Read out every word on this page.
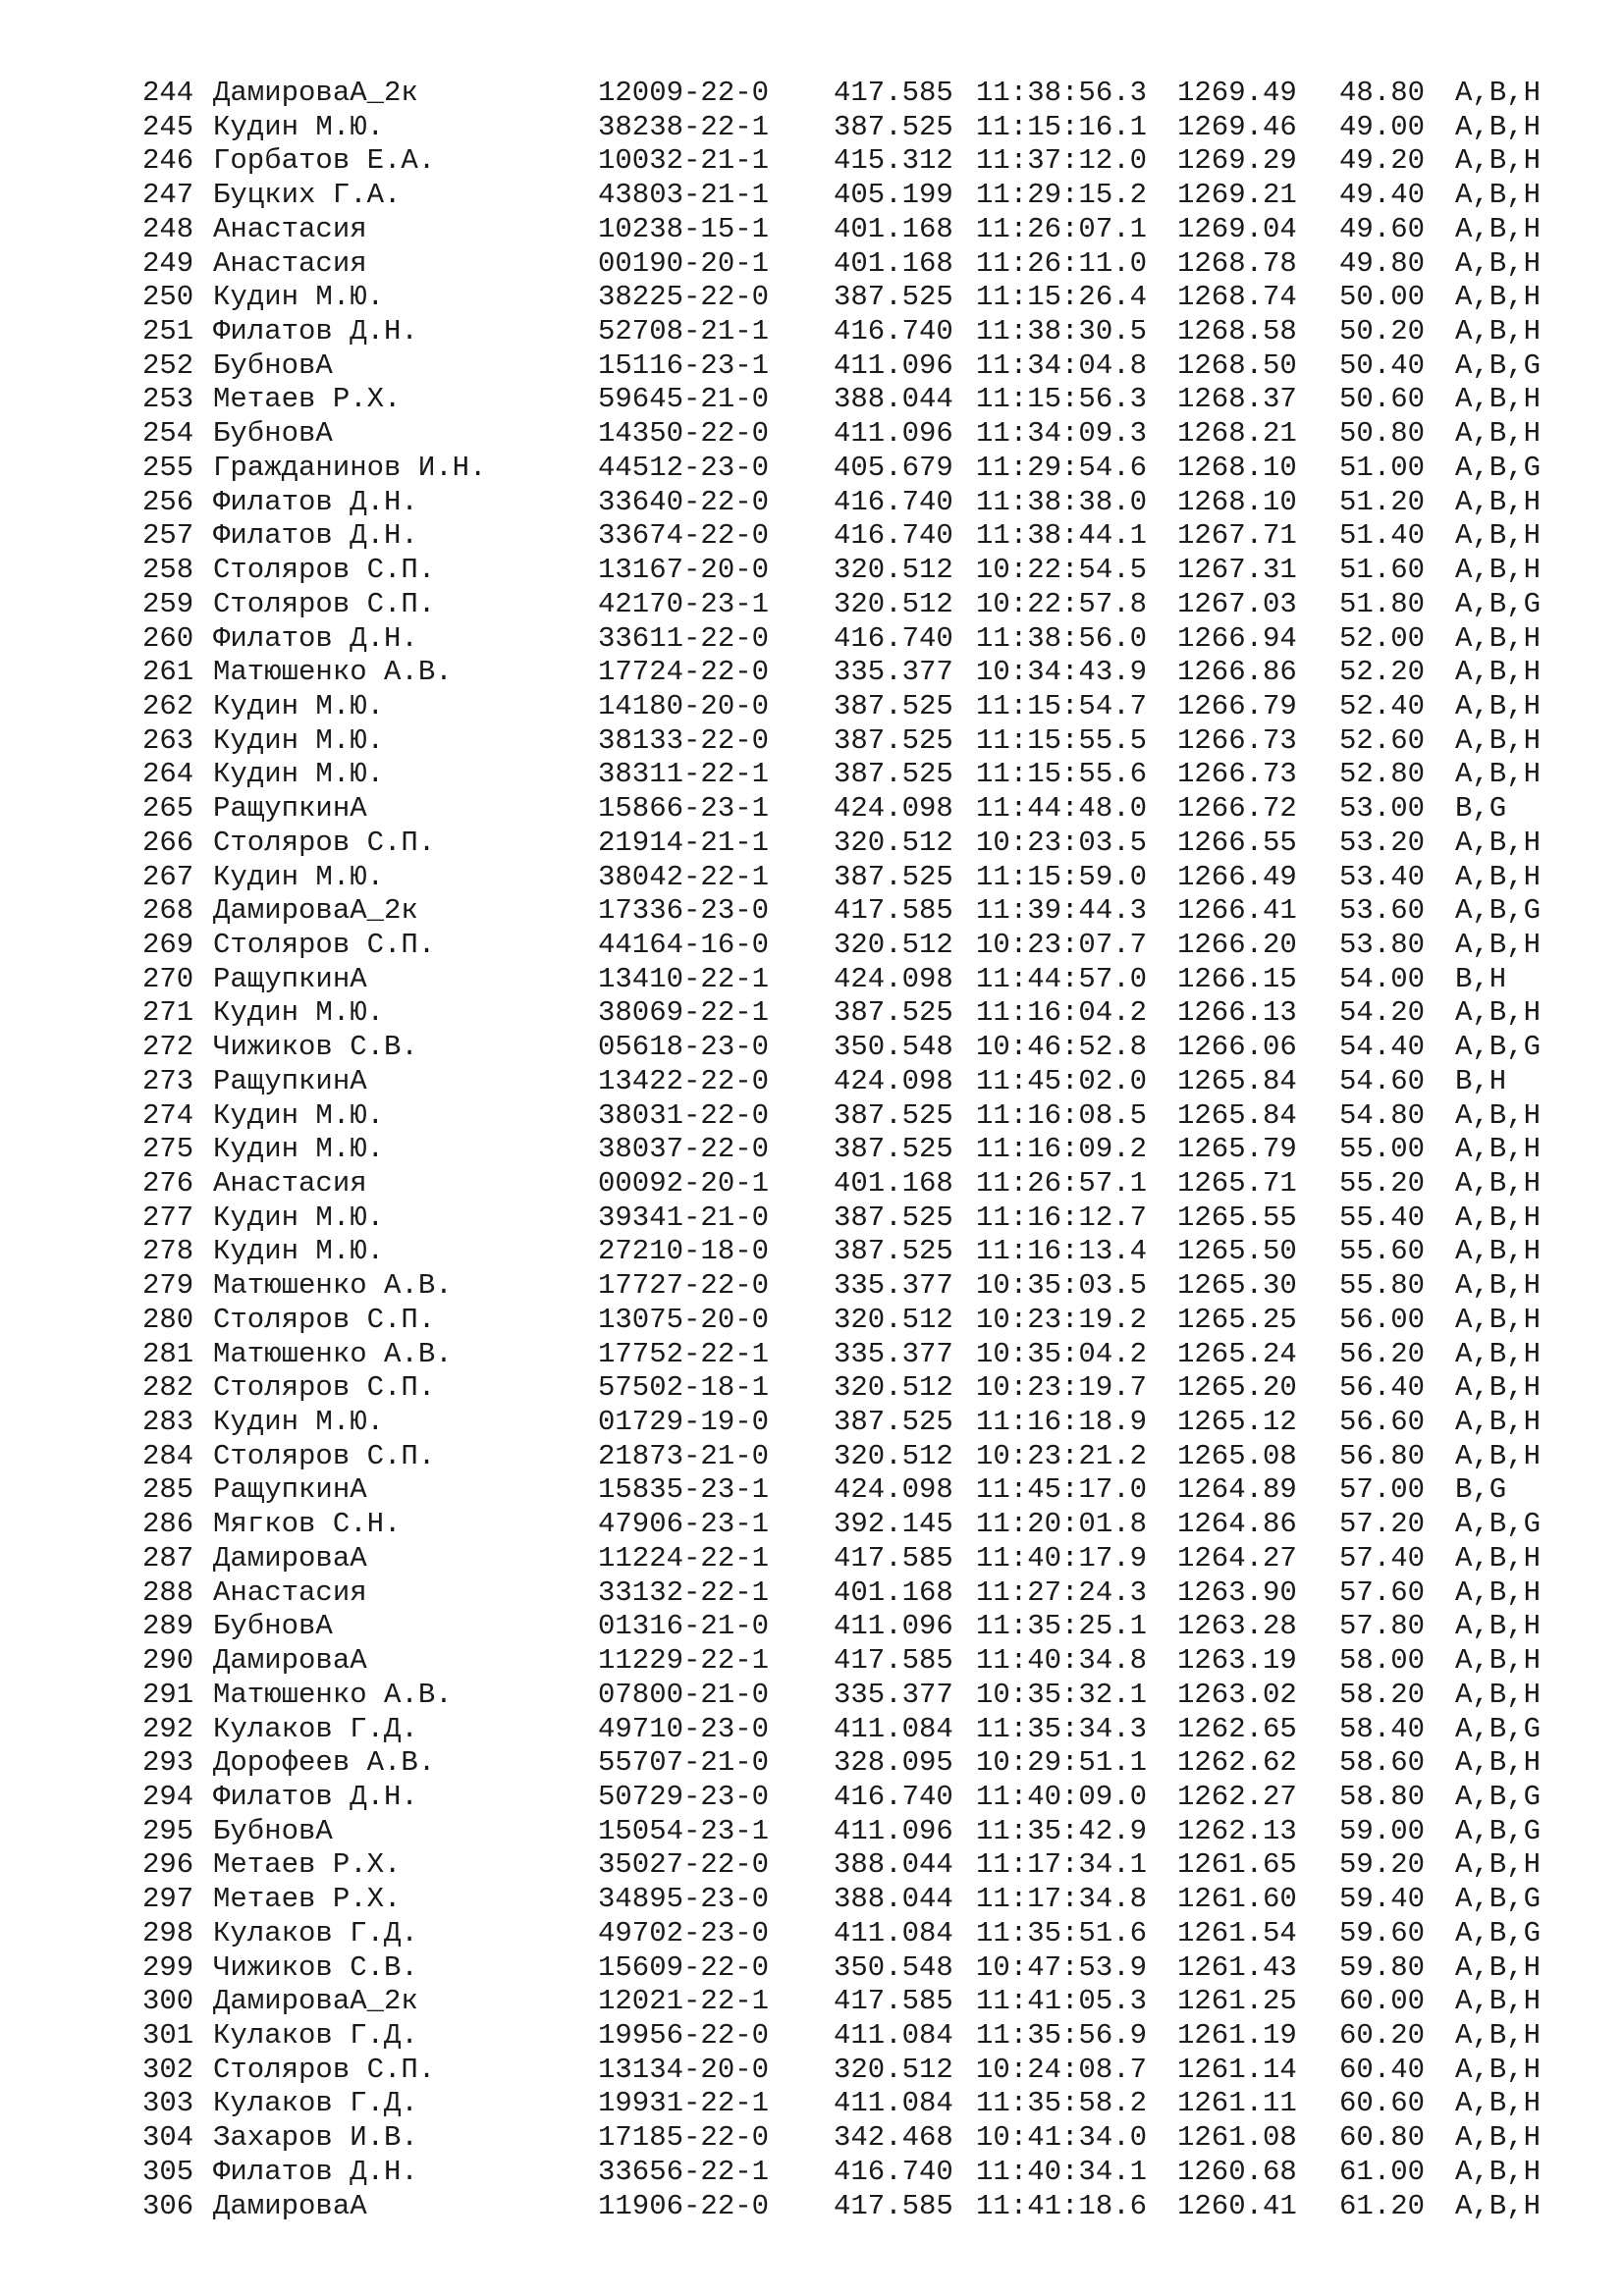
244 ДамироваА_2к	12009-22-0	417.585 11:38:56.3	1269.49	48.80	A,B,H
245 Кудин М.Ю.	38238-22-1	387.525 11:15:16.1	1269.46	49.00	A,B,H
246 Горбатов Е.А.	10032-21-1	415.312 11:37:12.0	1269.29	49.20	A,B,H
247 Буцких Г.А.	43803-21-1	405.199 11:29:15.2	1269.21	49.40	A,B,H
248 Анастасия	10238-15-1	401.168 11:26:07.1	1269.04	49.60	A,B,H
249 Анастасия	00190-20-1	401.168 11:26:11.0	1268.78	49.80	A,B,H
250 Кудин М.Ю.	38225-22-0	387.525 11:15:26.4	1268.74	50.00	A,B,H
251 Филатов Д.Н.	52708-21-1	416.740 11:38:30.5	1268.58	50.20	A,B,H
252 БубновА	15116-23-1	411.096 11:34:04.8	1268.50	50.40	A,B,G
253 Метаев Р.Х.	59645-21-0	388.044 11:15:56.3	1268.37	50.60	A,B,H
254 БубновА	14350-22-0	411.096 11:34:09.3	1268.21	50.80	A,B,H
255 Гражданинов И.Н.	44512-23-0	405.679 11:29:54.6	1268.10	51.00	A,B,G
256 Филатов Д.Н.	33640-22-0	416.740 11:38:38.0	1268.10	51.20	A,B,H
257 Филатов Д.Н.	33674-22-0	416.740 11:38:44.1	1267.71	51.40	A,B,H
258 Столяров С.П.	13167-20-0	320.512 10:22:54.5	1267.31	51.60	A,B,H
259 Столяров С.П.	42170-23-1	320.512 10:22:57.8	1267.03	51.80	A,B,G
260 Филатов Д.Н.	33611-22-0	416.740 11:38:56.0	1266.94	52.00	A,B,H
261 Матюшенко А.В.	17724-22-0	335.377 10:34:43.9	1266.86	52.20	A,B,H
262 Кудин М.Ю.	14180-20-0	387.525 11:15:54.7	1266.79	52.40	A,B,H
263 Кудин М.Ю.	38133-22-0	387.525 11:15:55.5	1266.73	52.60	A,B,H
264 Кудин М.Ю.	38311-22-1	387.525 11:15:55.6	1266.73	52.80	A,B,H
265 РащупкинА	15866-23-1	424.098 11:44:48.0	1266.72	53.00	B,G
266 Столяров С.П.	21914-21-1	320.512 10:23:03.5	1266.55	53.20	A,B,H
267 Кудин М.Ю.	38042-22-1	387.525 11:15:59.0	1266.49	53.40	A,B,H
268 ДамироваА_2к	17336-23-0	417.585 11:39:44.3	1266.41	53.60	A,B,G
269 Столяров С.П.	44164-16-0	320.512 10:23:07.7	1266.20	53.80	A,B,H
270 РащупкинА	13410-22-1	424.098 11:44:57.0	1266.15	54.00	B,H
271 Кудин М.Ю.	38069-22-1	387.525 11:16:04.2	1266.13	54.20	A,B,H
272 Чижиков С.В.	05618-23-0	350.548 10:46:52.8	1266.06	54.40	A,B,G
273 РащупкинА	13422-22-0	424.098 11:45:02.0	1265.84	54.60	B,H
274 Кудин М.Ю.	38031-22-0	387.525 11:16:08.5	1265.84	54.80	A,B,H
275 Кудин М.Ю.	38037-22-0	387.525 11:16:09.2	1265.79	55.00	A,B,H
276 Анастасия	00092-20-1	401.168 11:26:57.1	1265.71	55.20	A,B,H
277 Кудин М.Ю.	39341-21-0	387.525 11:16:12.7	1265.55	55.40	A,B,H
278 Кудин М.Ю.	27210-18-0	387.525 11:16:13.4	1265.50	55.60	A,B,H
279 Матюшенко А.В.	17727-22-0	335.377 10:35:03.5	1265.30	55.80	A,B,H
280 Столяров С.П.	13075-20-0	320.512 10:23:19.2	1265.25	56.00	A,B,H
281 Матюшенко А.В.	17752-22-1	335.377 10:35:04.2	1265.24	56.20	A,B,H
282 Столяров С.П.	57502-18-1	320.512 10:23:19.7	1265.20	56.40	A,B,H
283 Кудин М.Ю.	01729-19-0	387.525 11:16:18.9	1265.12	56.60	A,B,H
284 Столяров С.П.	21873-21-0	320.512 10:23:21.2	1265.08	56.80	A,B,H
285 РащупкинА	15835-23-1	424.098 11:45:17.0	1264.89	57.00	B,G
286 Мягков С.Н.	47906-23-1	392.145 11:20:01.8	1264.86	57.20	A,B,G
287 ДамироваА	11224-22-1	417.585 11:40:17.9	1264.27	57.40	A,B,H
288 Анастасия	33132-22-1	401.168 11:27:24.3	1263.90	57.60	A,B,H
289 БубновА	01316-21-0	411.096 11:35:25.1	1263.28	57.80	A,B,H
290 ДамироваА	11229-22-1	417.585 11:40:34.8	1263.19	58.00	A,B,H
291 Матюшенко А.В.	07800-21-0	335.377 10:35:32.1	1263.02	58.20	A,B,H
292 Кулаков Г.Д.	49710-23-0	411.084 11:35:34.3	1262.65	58.40	A,B,G
293 Дорофеев А.В.	55707-21-0	328.095 10:29:51.1	1262.62	58.60	A,B,H
294 Филатов Д.Н.	50729-23-0	416.740 11:40:09.0	1262.27	58.80	A,B,G
295 БубновА	15054-23-1	411.096 11:35:42.9	1262.13	59.00	A,B,G
296 Метаев Р.Х.	35027-22-0	388.044 11:17:34.1	1261.65	59.20	A,B,H
297 Метаев Р.Х.	34895-23-0	388.044 11:17:34.8	1261.60	59.40	A,B,G
298 Кулаков Г.Д.	49702-23-0	411.084 11:35:51.6	1261.54	59.60	A,B,G
299 Чижиков С.В.	15609-22-0	350.548 10:47:53.9	1261.43	59.80	A,B,H
300 ДамироваА_2к	12021-22-1	417.585 11:41:05.3	1261.25	60.00	A,B,H
301 Кулаков Г.Д.	19956-22-0	411.084 11:35:56.9	1261.19	60.20	A,B,H
302 Столяров С.П.	13134-20-0	320.512 10:24:08.7	1261.14	60.40	A,B,H
303 Кулаков Г.Д.	19931-22-1	411.084 11:35:58.2	1261.11	60.60	A,B,H
304 Захаров И.В.	17185-22-0	342.468 10:41:34.0	1261.08	60.80	A,B,H
305 Филатов Д.Н.	33656-22-1	416.740 11:40:34.1	1260.68	61.00	A,B,H
306 ДамироваА	11906-22-0	417.585 11:41:18.6	1260.41	61.20	A,B,H
